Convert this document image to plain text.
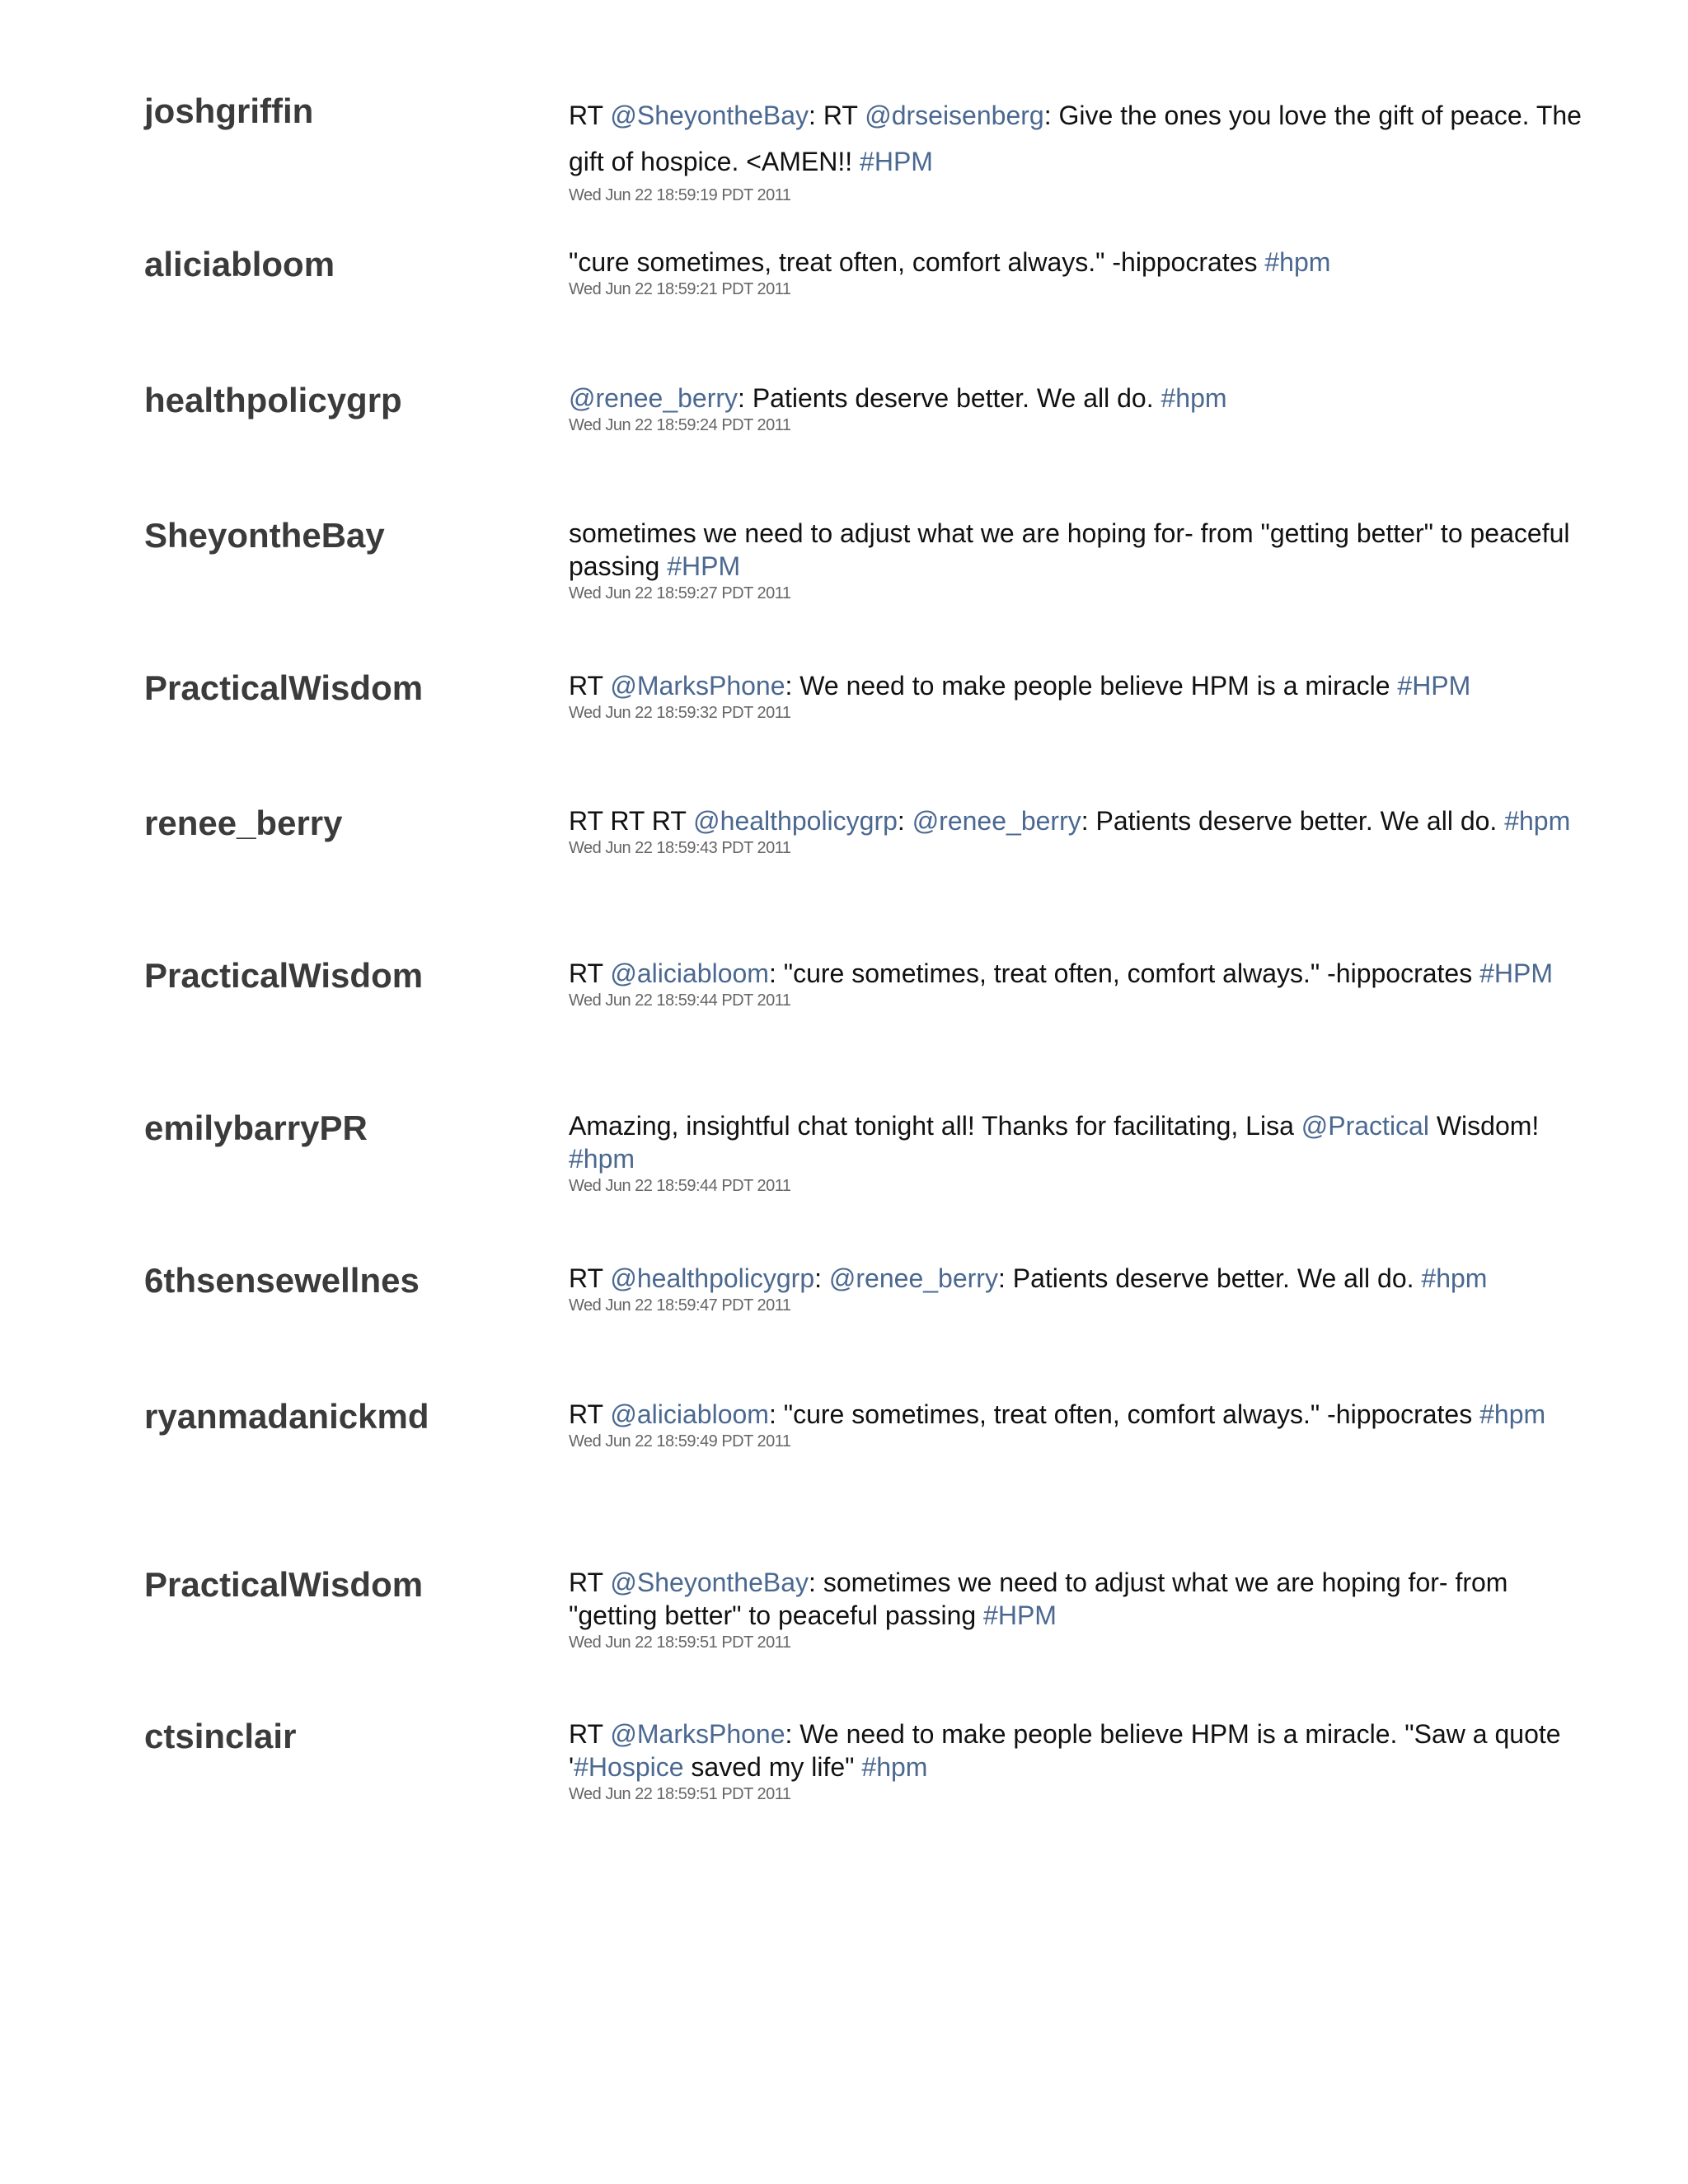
joshgriffin	RT @SheyontheBay: RT @drseisenberg: Give the ones you love the gift of peace. The gift of hospice. <AMEN!! #HPM

Wed Jun 22 18:59:19 PDT 2011
aliciabloom	"cure sometimes, treat often, comfort always." -hippocrates #hpm

Wed Jun 22 18:59:21 PDT 2011
healthpolicygrp	@renee_berry: Patients deserve better. We all do. #hpm

Wed Jun 22 18:59:24 PDT 2011
SheyontheBay	sometimes we need to adjust what we are hoping for- from "getting better" to peaceful passing #HPM

Wed Jun 22 18:59:27 PDT 2011
PracticalWisdom	RT @MarksPhone: We need to make people believe HPM is a miracle #HPM

Wed Jun 22 18:59:32 PDT 2011
renee_berry	RT RT RT @healthpolicygrp: @renee_berry: Patients deserve better. We all do. #hpm

Wed Jun 22 18:59:43 PDT 2011
PracticalWisdom	RT @aliciabloom: "cure sometimes, treat often, comfort always." -hippocrates #HPM

Wed Jun 22 18:59:44 PDT 2011
emilybarryPR	Amazing, insightful chat tonight all! Thanks for facilitating, Lisa @Practical Wisdom! #hpm

Wed Jun 22 18:59:44 PDT 2011
6thsensewellnes	RT @healthpolicygrp: @renee_berry: Patients deserve better. We all do. #hpm

Wed Jun 22 18:59:47 PDT 2011
ryanmadanickmd	RT @aliciabloom: "cure sometimes, treat often, comfort always." -hippocrates #hpm

Wed Jun 22 18:59:49 PDT 2011
PracticalWisdom	RT @SheyontheBay: sometimes we need to adjust what we are hoping for- from "getting better" to peaceful passing #HPM

Wed Jun 22 18:59:51 PDT 2011
ctsinclair	RT @MarksPhone: We need to make people believe HPM is a miracle. "Saw a quote '#Hospice saved my life" #hpm

Wed Jun 22 18:59:51 PDT 2011
